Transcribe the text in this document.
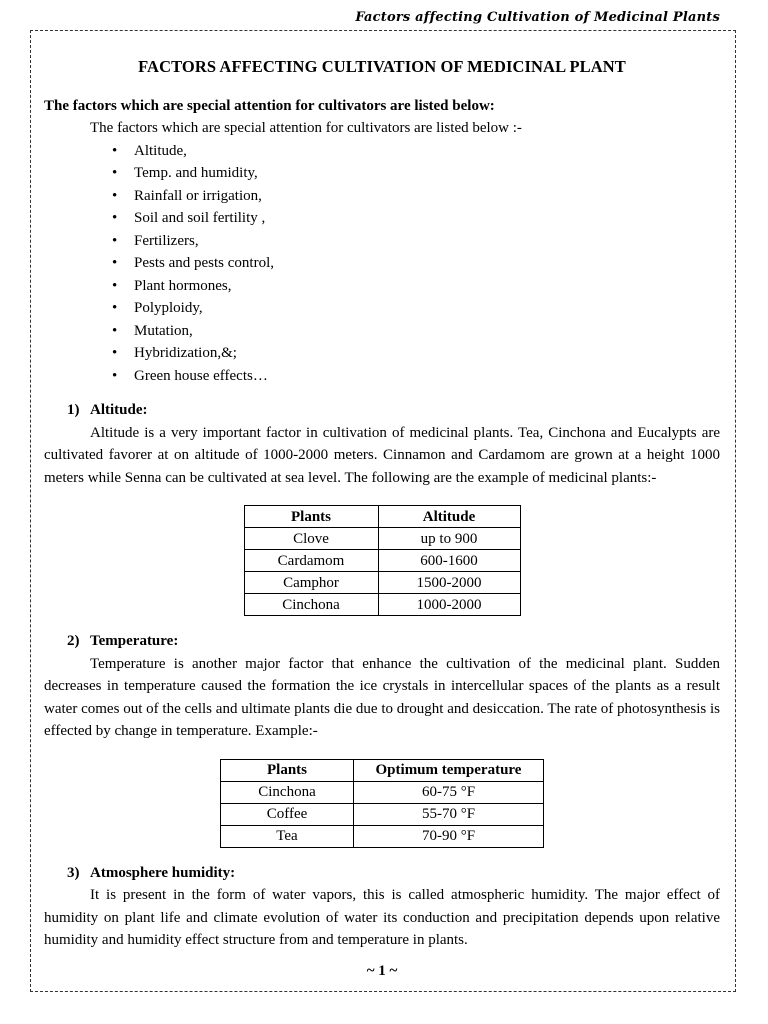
Factors affecting Cultivation of Medicinal Plants
FACTORS AFFECTING CULTIVATION OF MEDICINAL PLANT

The factors which are special attention for cultivators are listed below:

The factors which are special attention for cultivators are listed below :-

• Altitude,
• Temp. and humidity,
• Rainfall or irrigation,
• Soil and soil fertility ,
• Fertilizers,
• Pests and pests control,
• Plant hormones,
• Polyploidy,
• Mutation,
• Hybridization,&;
• Green house effects…

1) Altitude:

Altitude is a very important factor in cultivation of medicinal plants. Tea, Cinchona and Eucalypts are cultivated favorer at on altitude of 1000-2000 meters. Cinnamon and Cardamom are grown at a height 1000 meters while Senna can be cultivated at sea level. The following are the example of medicinal plants:-

Plants	Altitude
Clove	up to 900
Cardamom	600-1600
Camphor	1500-2000
Cinchona	1000-2000

2) Temperature:

Temperature is another major factor that enhance the cultivation of the medicinal plant. Sudden decreases in temperature caused the formation the ice crystals in intercellular spaces of the plants as a result water comes out of the cells and ultimate plants die due to drought and desiccation. The rate of photosynthesis is effected by change in temperature. Example:-

Plants	Optimum temperature
Cinchona	60-75 °F
Coffee	55-70 °F
Tea	70-90 °F

3) Atmosphere humidity:

It is present in the form of water vapors, this is called atmospheric humidity. The major effect of humidity on plant life and climate evolution of water its conduction and precipitation depends upon relative humidity and humidity effect structure from and temperature in plants.

~ 1 ~
